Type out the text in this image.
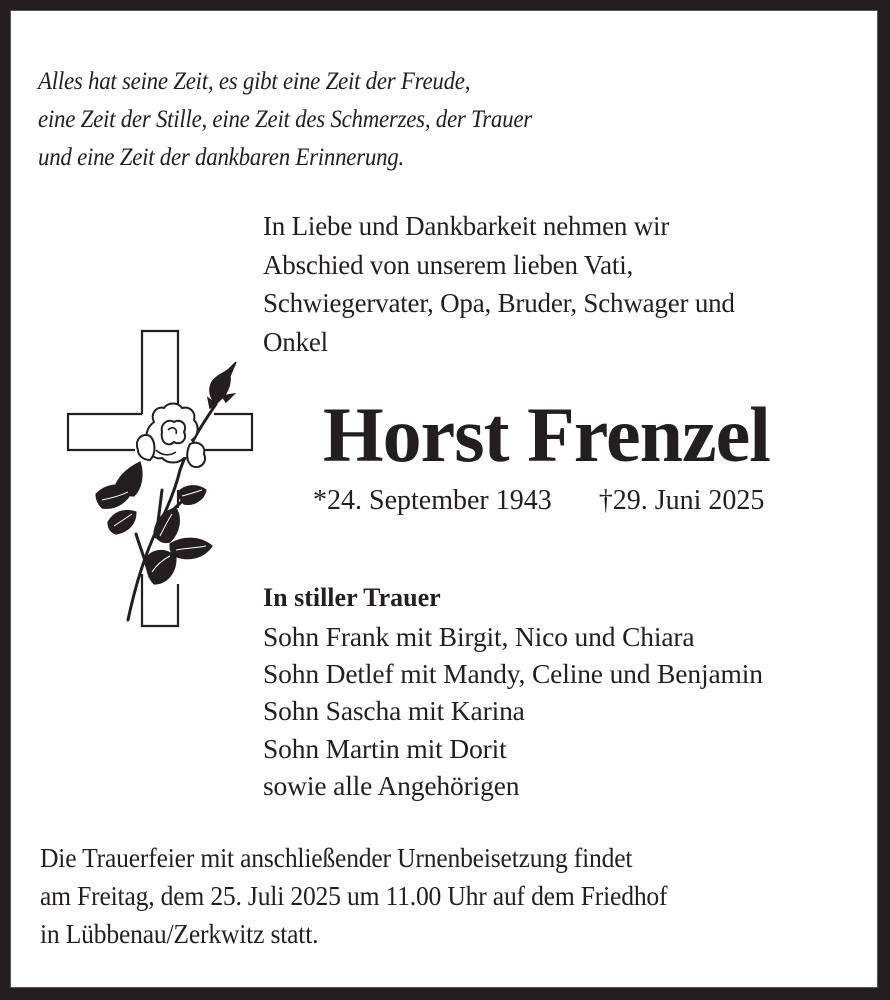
Alles hat seine Zeit, es gibt eine Zeit der Freude,
eine Zeit der Stille, eine Zeit des Schmerzes, der Trauer
und eine Zeit der dankbaren Erinnerung.
In Liebe und Dankbarkeit nehmen wir
Abschied von unserem lieben Vati,
Schwiegervater, Opa, Bruder, Schwager und
Onkel
Horst Frenzel
*24. September 1943 †29. Juni 2025
In stiller Trauer
Sohn Frank mit Birgit, Nico und Chiara
Sohn Detlef mit Mandy, Celine und Benjamin
Sohn Sascha mit Karina
Sohn Martin mit Dorit
sowie alle Angehörigen
Die Trauerfeier mit anschließender Urnenbeisetzung findet
am Freitag, dem 25. Juli 2025 um 11.00 Uhr auf dem Friedhof
in Lübbenau/Zerkwitz statt.
